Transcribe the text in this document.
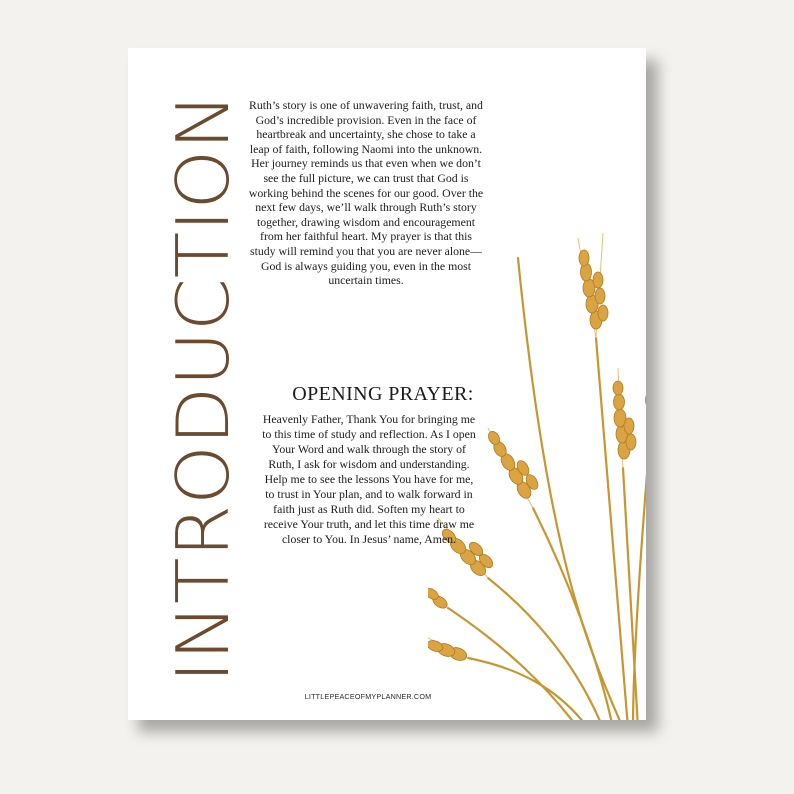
INTRODUCTION

Ruth’s story is one of unwavering faith, trust, and God’s incredible provision. Even in the face of heartbreak and uncertainty, she chose to take a leap of faith, following Naomi into the unknown. Her journey reminds us that even when we don’t see the full picture, we can trust that God is working behind the scenes for our good. Over the next few days, we’ll walk through Ruth’s story together, drawing wisdom and encouragement from her faithful heart. My prayer is that this study will remind you that you are never alone—God is always guiding you, even in the most uncertain times.

OPENING PRAYER:

Heavenly Father, Thank You for bringing me to this time of study and reflection. As I open Your Word and walk through the story of Ruth, I ask for wisdom and understanding. Help me to see the lessons You have for me, to trust in Your plan, and to walk forward in faith just as Ruth did. Soften my heart to receive Your truth, and let this time draw me closer to You. In Jesus’ name, Amen.

LITTLEPEACEOFMYPLANNER.COM
